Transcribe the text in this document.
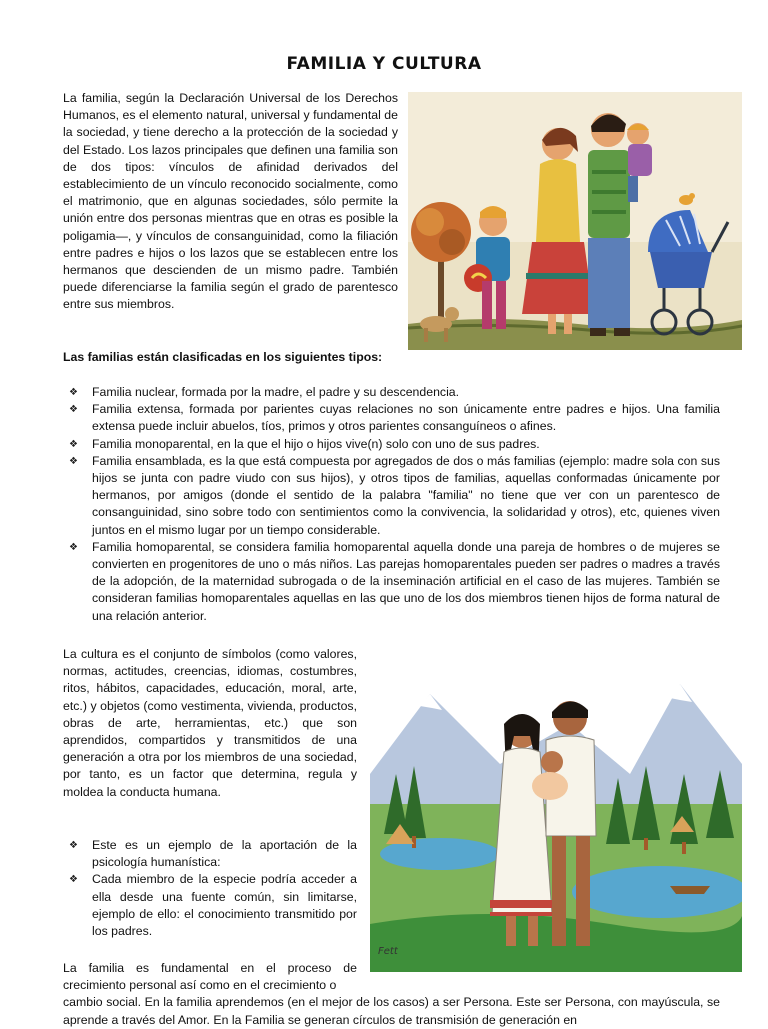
FAMILIA Y CULTURA

La familia, según la Declaración Universal de los Derechos Humanos, es el elemento natural, universal y fundamental de la sociedad, y tiene derecho a la protección de la sociedad y del Estado. Los lazos principales que definen una familia son de dos tipos: vínculos de afinidad derivados del establecimiento de un vínculo reconocido socialmente, como el matrimonio, que en algunas sociedades, sólo permite la unión entre dos personas mientras que en otras es posible la poligamia—, y vínculos de consanguinidad, como la filiación entre padres e hijos o los lazos que se establecen entre los hermanos que descienden de un mismo padre. También puede diferenciarse la familia según el grado de parentesco entre sus miembros.

Las familias están clasificadas en los siguientes tipos:
❖ Familia nuclear, formada por la madre, el padre y su descendencia.
❖ Familia extensa, formada por parientes cuyas relaciones no son únicamente entre padres e hijos. Una familia extensa puede incluir abuelos, tíos, primos y otros parientes consanguíneos o afines.
❖ Familia monoparental, en la que el hijo o hijos vive(n) solo con uno de sus padres.
❖ Familia ensamblada, es la que está compuesta por agregados de dos o más familias (ejemplo: madre sola con sus hijos se junta con padre viudo con sus hijos), y otros tipos de familias, aquellas conformadas únicamente por hermanos, por amigos (donde el sentido de la palabra "familia" no tiene que ver con un parentesco de consanguinidad, sino sobre todo con sentimientos como la convivencia, la solidaridad y otros), etc, quienes viven juntos en el mismo lugar por un tiempo considerable.
❖ Familia homoparental, se considera familia homoparental aquella donde una pareja de hombres o de mujeres se convierten en progenitores de uno o más niños. Las parejas homoparentales pueden ser padres o madres a través de la adopción, de la maternidad subrogada o de la inseminación artificial en el caso de las mujeres. También se consideran familias homoparentales aquellas en las que uno de los dos miembros tienen hijos de forma natural de una relación anterior.

La cultura es el conjunto de símbolos (como valores, normas, actitudes, creencias, idiomas, costumbres, ritos, hábitos, capacidades, educación, moral, arte, etc.) y objetos (como vestimenta, vivienda, productos, obras de arte, herramientas, etc.) que son aprendidos, compartidos y transmitidos de una generación a otra por los miembros de una sociedad, por tanto, es un factor que determina, regula y moldea la conducta humana.

Fett
❖ Este es un ejemplo de la aportación de la psicología humanística:
❖ Cada miembro de la especie podría acceder a ella desde una fuente común, sin limitarse, ejemplo de ello: el conocimiento transmitido por los padres.

La familia es fundamental en el proceso de crecimiento personal así como en el crecimiento o

cambio social. En la familia aprendemos (en el mejor de los casos) a ser Persona. Este ser Persona, con mayúscula, se aprende a través del Amor. En la Familia se generan círculos de transmisión de generación en
